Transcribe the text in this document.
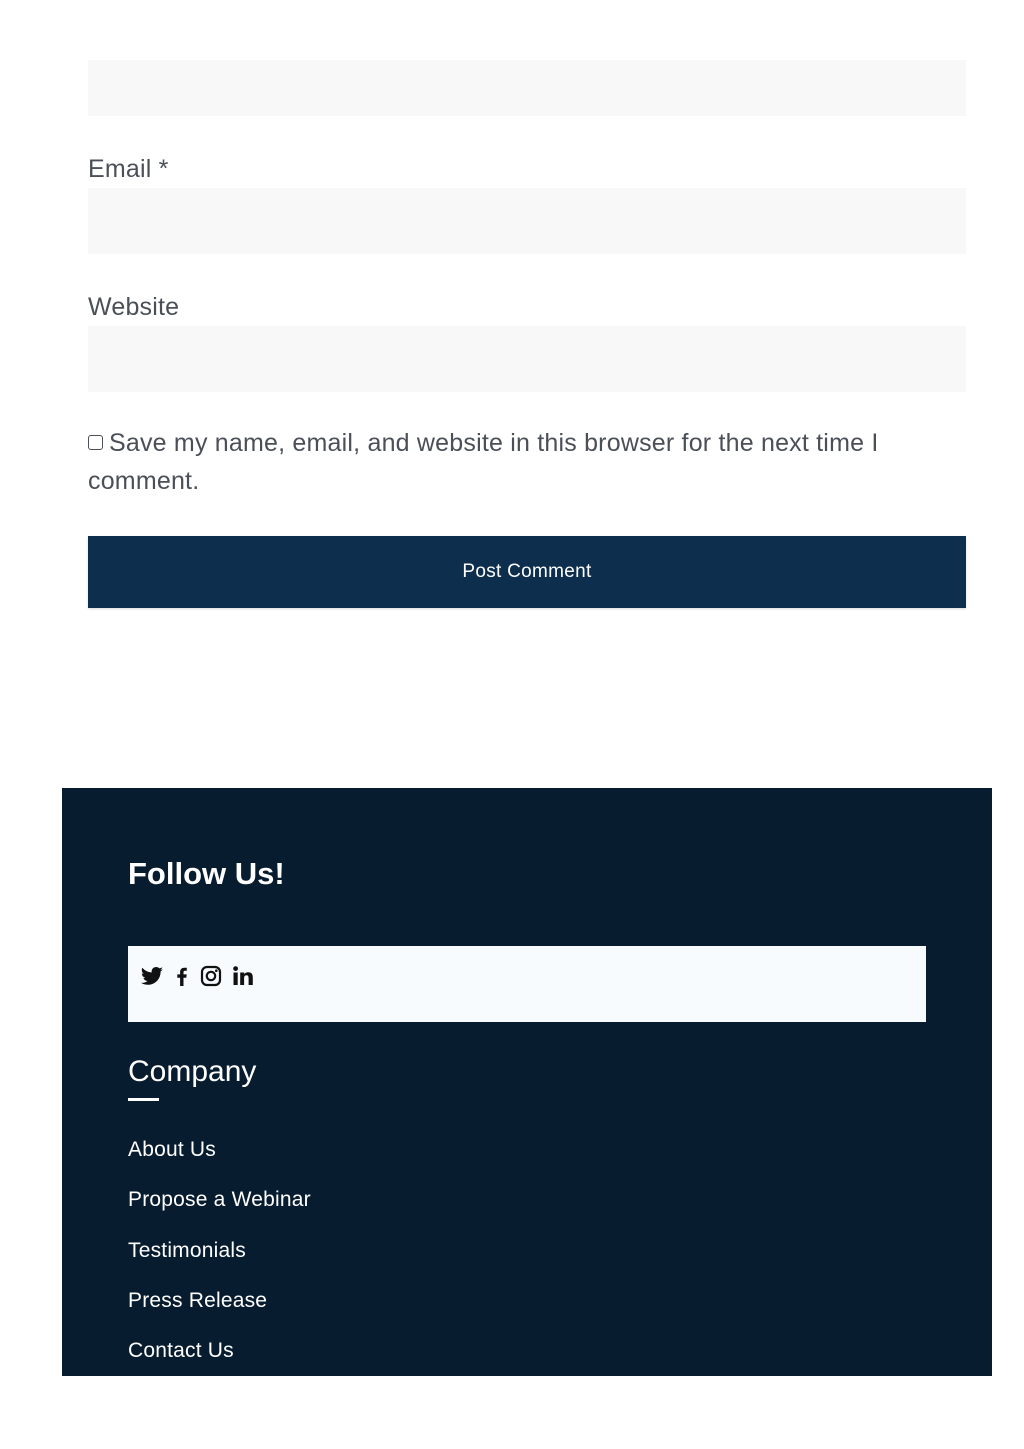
Email *
Website
Save my name, email, and website in this browser for the next time I comment.
Post Comment
Follow Us!
Company
About Us
Propose a Webinar
Testimonials
Press Release
Contact Us
